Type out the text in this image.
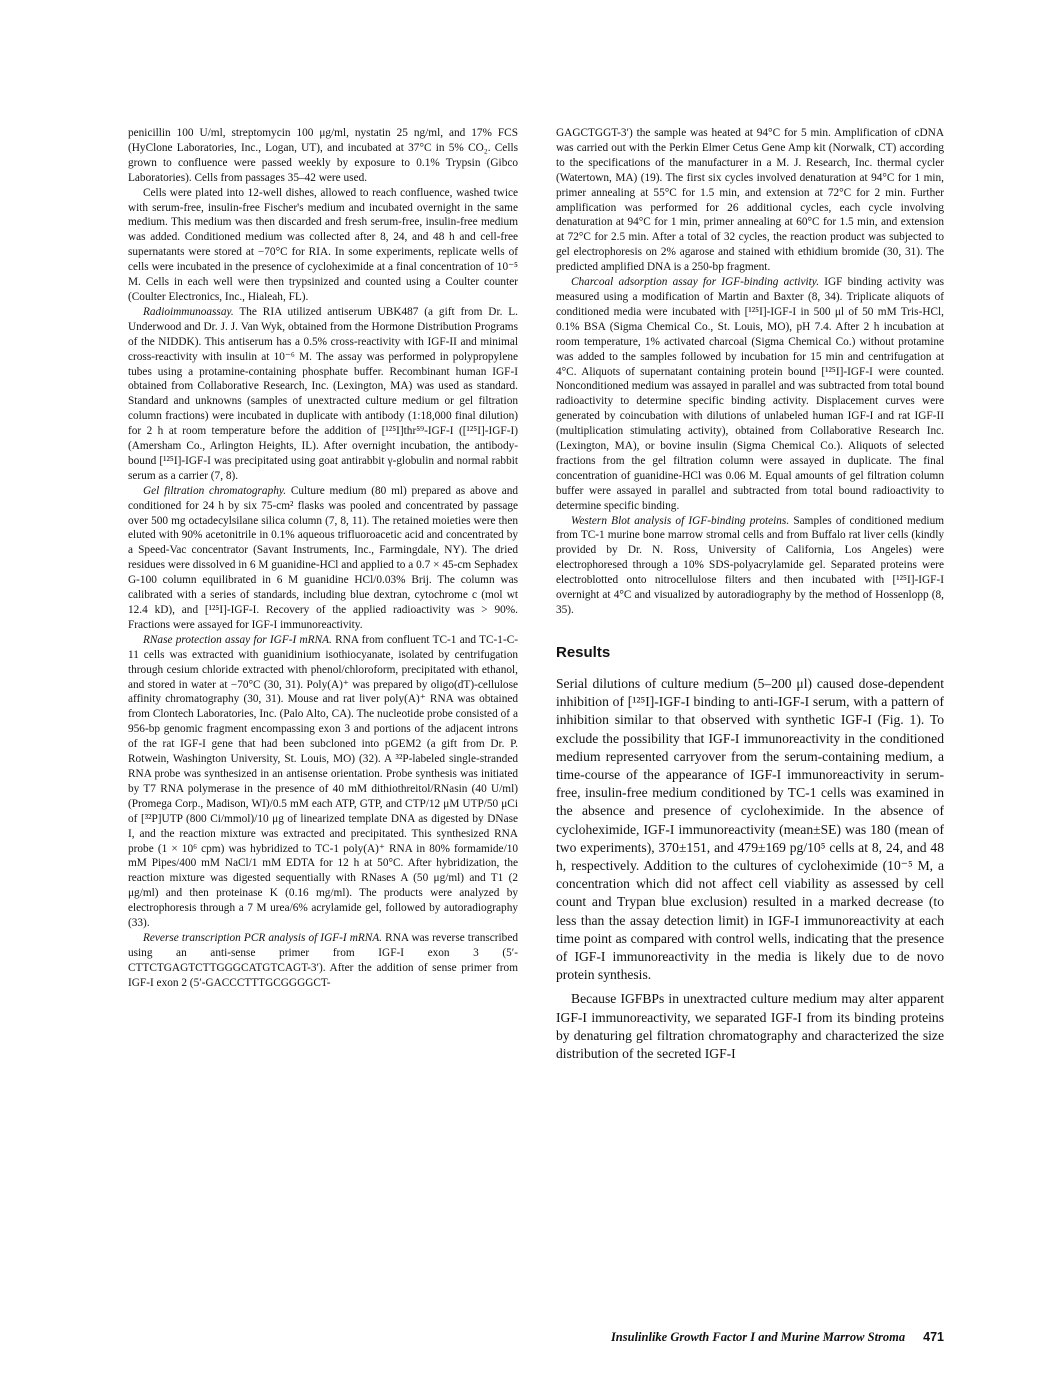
penicillin 100 U/ml, streptomycin 100 μg/ml, nystatin 25 ng/ml, and 17% FCS (HyClone Laboratories, Inc., Logan, UT), and incubated at 37°C in 5% CO₂. Cells grown to confluence were passed weekly by exposure to 0.1% Trypsin (Gibco Laboratories). Cells from passages 35–42 were used.

Cells were plated into 12-well dishes, allowed to reach confluence, washed twice with serum-free, insulin-free Fischer's medium and incubated overnight in the same medium. This medium was then discarded and fresh serum-free, insulin-free medium was added. Conditioned medium was collected after 8, 24, and 48 h and cell-free supernatants were stored at −70°C for RIA. In some experiments, replicate wells of cells were incubated in the presence of cycloheximide at a final concentration of 10⁻⁵ M. Cells in each well were then trypsinized and counted using a Coulter counter (Coulter Electronics, Inc., Hialeah, FL).

Radioimmunoassay. The RIA utilized antiserum UBK487 (a gift from Dr. L. Underwood and Dr. J. J. Van Wyk, obtained from the Hormone Distribution Programs of the NIDDK). This antiserum has a 0.5% cross-reactivity with IGF-II and minimal cross-reactivity with insulin at 10⁻⁶ M. The assay was performed in polypropylene tubes using a protamine-containing phosphate buffer. Recombinant human IGF-I obtained from Collaborative Research, Inc. (Lexington, MA) was used as standard. Standard and unknowns (samples of unextracted culture medium or gel filtration column fractions) were incubated in duplicate with antibody (1:18,000 final dilution) for 2 h at room temperature before the addition of [¹²⁵I]thr⁵⁹-IGF-I ([¹²⁵I]-IGF-I) (Amersham Co., Arlington Heights, IL). After overnight incubation, the antibody-bound [¹²⁵I]-IGF-I was precipitated using goat antirabbit γ-globulin and normal rabbit serum as a carrier (7, 8).

Gel filtration chromatography. Culture medium (80 ml) prepared as above and conditioned for 24 h by six 75-cm² flasks was pooled and concentrated by passage over 500 mg octadecylsilane silica column (7, 8, 11). The retained moieties were then eluted with 90% acetonitrile in 0.1% aqueous trifluoroacetic acid and concentrated by a Speed-Vac concentrator (Savant Instruments, Inc., Farmingdale, NY). The dried residues were dissolved in 6 M guanidine-HCl and applied to a 0.7 × 45-cm Sephadex G-100 column equilibrated in 6 M guanidine HCl/0.03% Brij. The column was calibrated with a series of standards, including blue dextran, cytochrome c (mol wt 12.4 kD), and [¹²⁵I]-IGF-I. Recovery of the applied radioactivity was > 90%. Fractions were assayed for IGF-I immunoreactivity.

RNase protection assay for IGF-I mRNA. RNA from confluent TC-1 and TC-1-C-11 cells was extracted with guanidinium isothiocyanate, isolated by centrifugation through cesium chloride extracted with phenol/chloroform, precipitated with ethanol, and stored in water at −70°C (30, 31). Poly(A)⁺ was prepared by oligo(dT)-cellulose affinity chromatography (30, 31). Mouse and rat liver poly(A)⁺ RNA was obtained from Clontech Laboratories, Inc. (Palo Alto, CA). The nucleotide probe consisted of a 956-bp genomic fragment encompassing exon 3 and portions of the adjacent introns of the rat IGF-I gene that had been subcloned into pGEM2 (a gift from Dr. P. Rotwein, Washington University, St. Louis, MO) (32). A ³²P-labeled single-stranded RNA probe was synthesized in an antisense orientation. Probe synthesis was initiated by T7 RNA polymerase in the presence of 40 mM dithiothreitol/RNasin (40 U/ml) (Promega Corp., Madison, WI)/0.5 mM each ATP, GTP, and CTP/12 μM UTP/50 μCi of [³²P]UTP (800 Ci/mmol)/10 μg of linearized template DNA as digested by DNase I, and the reaction mixture was extracted and precipitated. This synthesized RNA probe (1 × 10⁶ cpm) was hybridized to TC-1 poly(A)⁺ RNA in 80% formamide/10 mM Pipes/400 mM NaCl/1 mM EDTA for 12 h at 50°C. After hybridization, the reaction mixture was digested sequentially with RNases A (50 μg/ml) and T1 (2 μg/ml) and then proteinase K (0.16 mg/ml). The products were analyzed by electrophoresis through a 7 M urea/6% acrylamide gel, followed by autoradiography (33).

Reverse transcription PCR analysis of IGF-I mRNA. RNA was reverse transcribed using an anti-sense primer from IGF-I exon 3 (5′-CTTCTGAGTCTTGGGCATGTCAGT-3′). After the addition of sense primer from IGF-I exon 2 (5′-GACCCTTTGCGGGGCT-

GAGCTGGT-3′) the sample was heated at 94°C for 5 min. Amplification of cDNA was carried out with the Perkin Elmer Cetus Gene Amp kit (Norwalk, CT) according to the specifications of the manufacturer in a M. J. Research, Inc. thermal cycler (Watertown, MA) (19). The first six cycles involved denaturation at 94°C for 1 min, primer annealing at 55°C for 1.5 min, and extension at 72°C for 2 min. Further amplification was performed for 26 additional cycles, each cycle involving denaturation at 94°C for 1 min, primer annealing at 60°C for 1.5 min, and extension at 72°C for 2.5 min. After a total of 32 cycles, the reaction product was subjected to gel electrophoresis on 2% agarose and stained with ethidium bromide (30, 31). The predicted amplified DNA is a 250-bp fragment.

Charcoal adsorption assay for IGF-binding activity. IGF binding activity was measured using a modification of Martin and Baxter (8, 34). Triplicate aliquots of conditioned media were incubated with [¹²⁵I]-IGF-I in 500 μl of 50 mM Tris-HCl, 0.1% BSA (Sigma Chemical Co., St. Louis, MO), pH 7.4. After 2 h incubation at room temperature, 1% activated charcoal (Sigma Chemical Co.) without protamine was added to the samples followed by incubation for 15 min and centrifugation at 4°C. Aliquots of supernatant containing protein bound [¹²⁵I]-IGF-I were counted. Nonconditioned medium was assayed in parallel and was subtracted from total bound radioactivity to determine specific binding activity. Displacement curves were generated by coincubation with dilutions of unlabeled human IGF-I and rat IGF-II (multiplication stimulating activity), obtained from Collaborative Research Inc. (Lexington, MA), or bovine insulin (Sigma Chemical Co.). Aliquots of selected fractions from the gel filtration column were assayed in duplicate. The final concentration of guanidine-HCl was 0.06 M. Equal amounts of gel filtration column buffer were assayed in parallel and subtracted from total bound radioactivity to determine specific binding.

Western Blot analysis of IGF-binding proteins. Samples of conditioned medium from TC-1 murine bone marrow stromal cells and from Buffalo rat liver cells (kindly provided by Dr. N. Ross, University of California, Los Angeles) were electrophoresed through a 10% SDS-polyacrylamide gel. Separated proteins were electroblotted onto nitrocellulose filters and then incubated with [¹²⁵I]-IGF-I overnight at 4°C and visualized by autoradiography by the method of Hossenlopp (8, 35).

Results

Serial dilutions of culture medium (5–200 μl) caused dose-dependent inhibition of [¹²⁵I]-IGF-I binding to anti-IGF-I serum, with a pattern of inhibition similar to that observed with synthetic IGF-I (Fig. 1). To exclude the possibility that IGF-I immunoreactivity in the conditioned medium represented carryover from the serum-containing medium, a time-course of the appearance of IGF-I immunoreactivity in serum-free, insulin-free medium conditioned by TC-1 cells was examined in the absence and presence of cycloheximide. In the absence of cycloheximide, IGF-I immunoreactivity (mean±SE) was 180 (mean of two experiments), 370±151, and 479±169 pg/10⁵ cells at 8, 24, and 48 h, respectively. Addition to the cultures of cycloheximide (10⁻⁵ M, a concentration which did not affect cell viability as assessed by cell count and Trypan blue exclusion) resulted in a marked decrease (to less than the assay detection limit) in IGF-I immunoreactivity at each time point as compared with control wells, indicating that the presence of IGF-I immunoreactivity in the media is likely due to de novo protein synthesis.

Because IGFBPs in unextracted culture medium may alter apparent IGF-I immunoreactivity, we separated IGF-I from its binding proteins by denaturing gel filtration chromatography and characterized the size distribution of the secreted IGF-I

Insulinlike Growth Factor I and Murine Marrow Stroma 471
